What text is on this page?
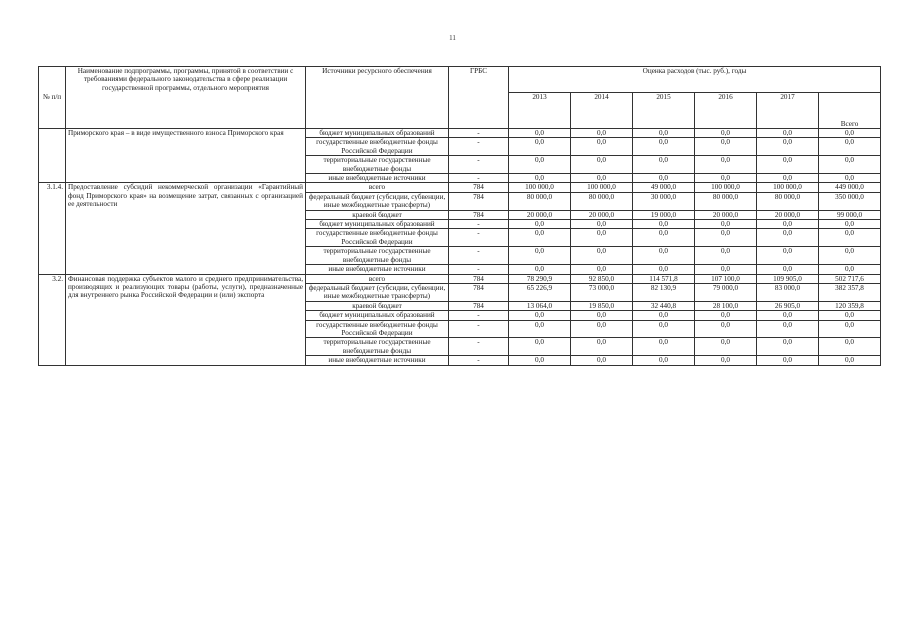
11
№ п/п	Наименование подпрограммы, программы, принятой в соответствии с требованиями федерального законодательства в сфере реализации государственной программы, отдельного мероприятия	Источники ресурсного обеспечения	ГРБС	Оценка расходов (тыс. руб.), годы					
				2013	2014	2015	2016	2017	Всего
	Приморского края – в виде имущественного взноса Приморского края	бюджет муниципальных образований	-	0,0	0,0	0,0	0,0	0,0	0,0
		государственные внебюджетные фонды Российской Федерации	-	0,0	0,0	0,0	0,0	0,0	0,0
		территориальные государственные внебюджетные фонды	-	0,0	0,0	0,0	0,0	0,0	0,0
		иные внебюджетные источники	-	0,0	0,0	0,0	0,0	0,0	0,0
3.1.4.	Предоставление субсидий некоммерческой организации «Гарантийный фонд Приморского края» на возмещение затрат, связанных с организацией ее деятельности	всего	784	100 000,0	100 000,0	49 000,0	100 000,0	100 000,0	449 000,0
		федеральный бюджет (субсидии, субвенции, иные межбюджетные трансферты)	784	80 000,0	80 000,0	30 000,0	80 000,0	80 000,0	350 000,0
		краевой бюджет	784	20 000,0	20 000,0	19 000,0	20 000,0	20 000,0	99 000,0
		бюджет муниципальных образований	-	0,0	0,0	0,0	0,0	0,0	0,0
		государственные внебюджетные фонды Российской Федерации	-	0,0	0,0	0,0	0,0	0,0	0,0
		территориальные государственные внебюджетные фонды	-	0,0	0,0	0,0	0,0	0,0	0,0
		иные внебюджетные источники	-	0,0	0,0	0,0	0,0	0,0	0,0
3.2.	Финансовая поддержка субъектов малого и среднего предпринимательства, производящих и реализующих товары (работы, услуги), предназначенные для внутреннего рынка Российской Федерации и (или) экспорта	всего	784	78 290,9	92 850,0	114 571,8	107 100,0	109 905,0	502 717,6
		федеральный бюджет (субсидии, субвенции, иные межбюджетные трансферты)	784	65 226,9	73 000,0	82 130,9	79 000,0	83 000,0	382 357,8
		краевой бюджет	784	13 064,0	19 850,0	32 440,8	28 100,0	26 905,0	120 359,8
		бюджет муниципальных образований	-	0,0	0,0	0,0	0,0	0,0	0,0
		государственные внебюджетные фонды Российской Федерации	-	0,0	0,0	0,0	0,0	0,0	0,0
		территориальные государственные внебюджетные фонды	-	0,0	0,0	0,0	0,0	0,0	0,0
		иные внебюджетные источники	-	0,0	0,0	0,0	0,0	0,0	0,0
